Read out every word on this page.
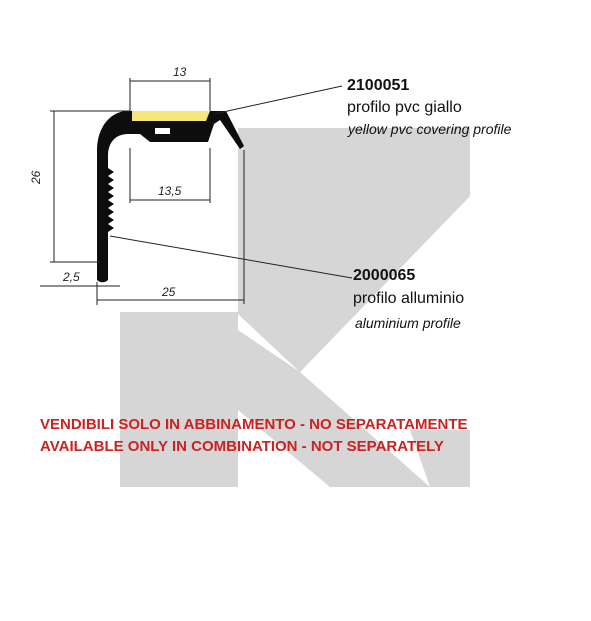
13
26
13,5
2,5
25
2100051
profilo pvc giallo
yellow pvc covering profile
2000065
profilo alluminio
aluminium profile
VENDIBILI SOLO IN ABBINAMENTO - NO SEPARATAMENTE
AVAILABLE ONLY IN COMBINATION - NOT SEPARATELY
